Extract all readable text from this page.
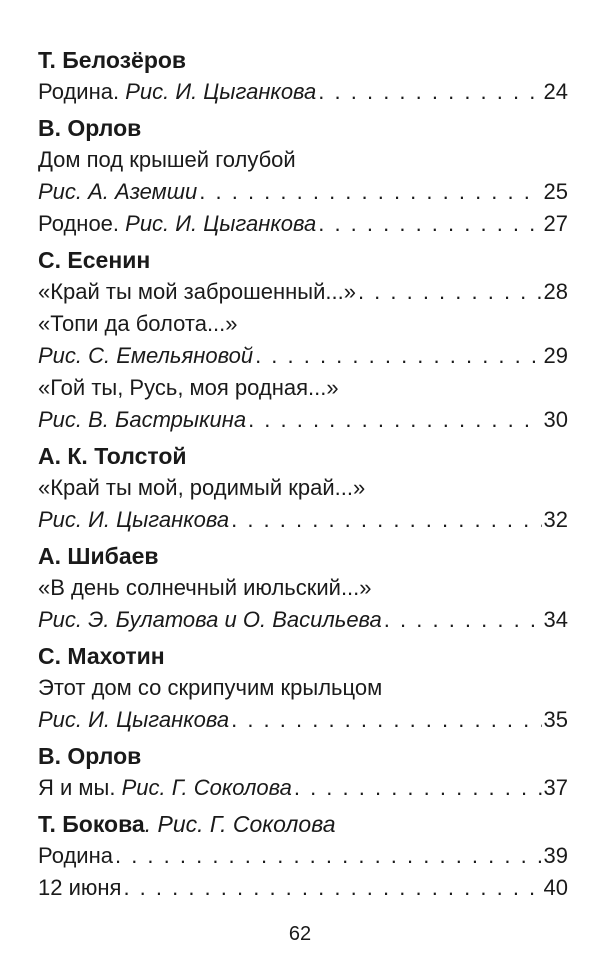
Т. Белозёров
Родина. Рис. И. Цыганкова . . .	24
В. Орлов
Дом под крышей голубой
Рис. А. Аземши . . .	25
Родное. Рис. И. Цыганкова . . .	27
С. Есенин
«Край ты мой заброшенный...» . . .	28
«Топи да болота...»
Рис. С. Емельяновой . . .	29
«Гой ты, Русь, моя родная...»
Рис. В. Бастрыкина . . .	30
А. К. Толстой
«Край ты мой, родимый край...»
Рис. И. Цыганкова . . .	32
А. Шибаев
«В день солнечный июльский...»
Рис. Э. Булатова и О. Васильева . . .	34
С. Махотин
Этот дом со скрипучим крыльцом
Рис. И. Цыганкова . . .	35
В. Орлов
Я и мы. Рис. Г. Соколова . . .	37
Т. Бокова. Рис. Г. Соколова
Родина . . .	39
12 июня . . .	40
62
